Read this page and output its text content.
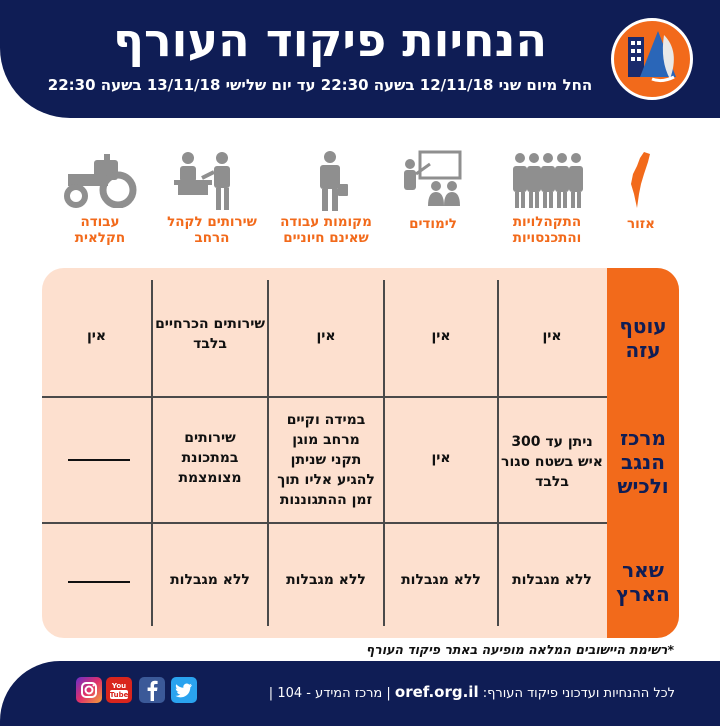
הנחיות פיקוד העורף
החל מיום שני 12/11/18 בשעה 22:30 עד יום שלישי 13/11/18 בשעה 22:30
אזור
התקהלויות והתכנסויות
לימודים
מקומות עבודה שאינם חיוניים
שירותים לקהל הרחב
עבודה חקלאית
עוטף עזה
מרכז הנגב ולכיש
שאר הארץ
אין
אין
אין
שירותים הכרחיים בלבד
אין
ניתן עד 300 איש בשטח סגור בלבד
אין
במידה וקיים מרחב מוגן תקני שניתן להגיע אליו תוך זמן ההתגוננות
שירותים במתכונת מצומצמת
ללא מגבלות
ללא מגבלות
ללא מגבלות
ללא מגבלות
*רשימת היישובים המלאה מופיעה באתר פיקוד העורף
לכל ההנחיות ועדכוני פיקוד העורף: oref.org.il | מרכז המידע - 104 |
You
Tube
